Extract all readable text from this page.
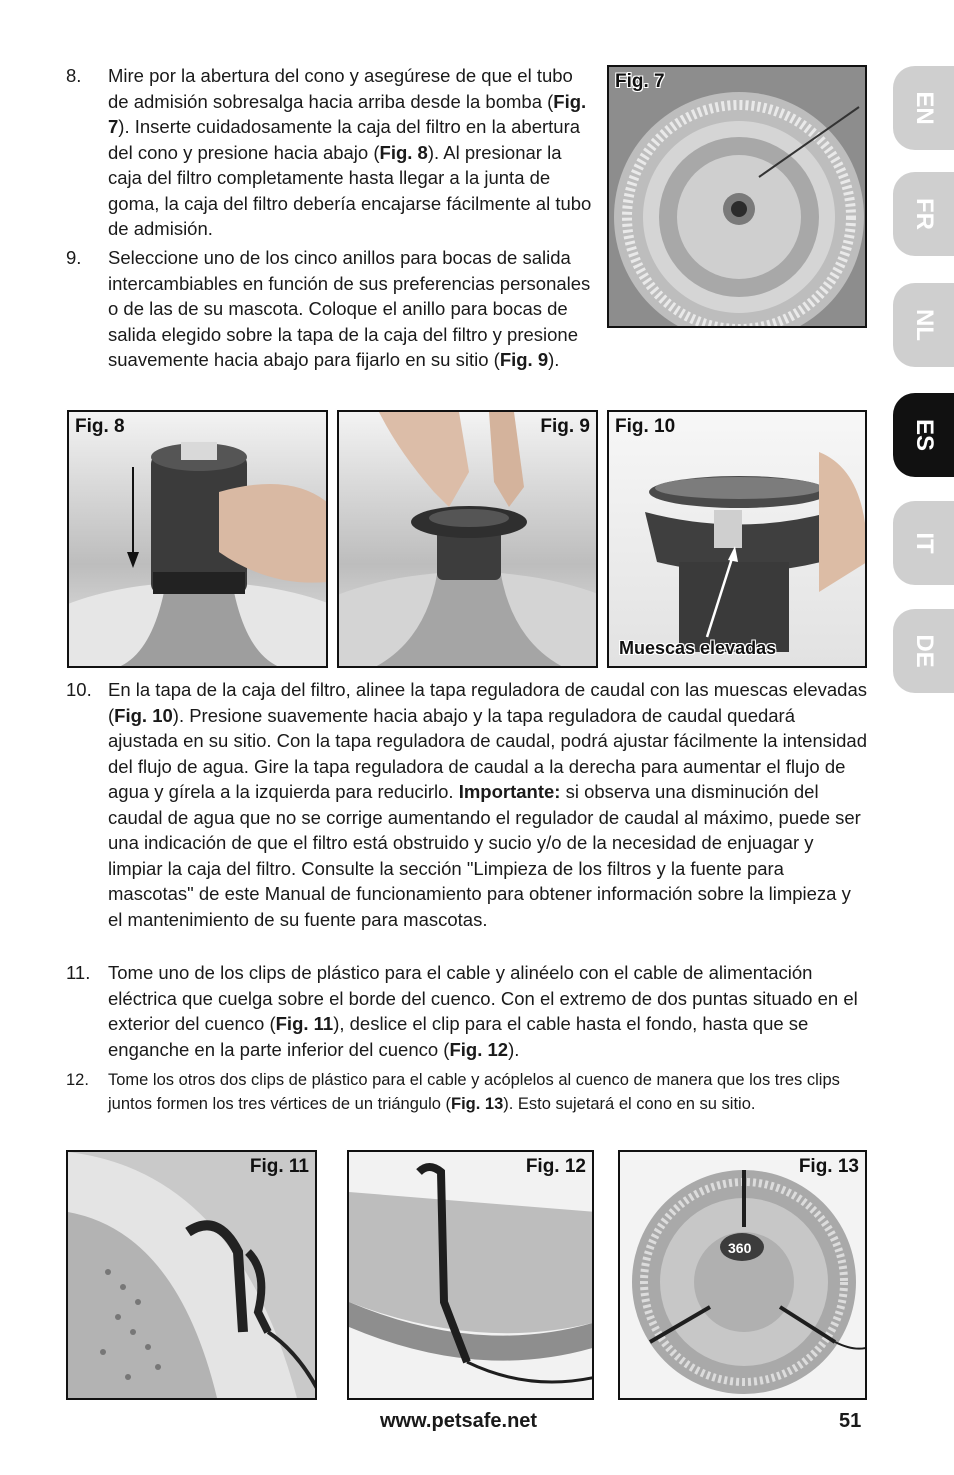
8. Mire por la abertura del cono y asegúrese de que el tubo de admisión sobresalga hacia arriba desde la bomba (Fig. 7). Inserte cuidadosamente la caja del filtro en la abertura del cono y presione hacia abajo (Fig. 8). Al presionar la caja del filtro completamente hasta llegar a la junta de goma, la caja del filtro debería encajarse fácilmente al tubo de admisión.
9. Seleccione uno de los cinco anillos para bocas de salida intercambiables en función de sus preferencias personales o de las de su mascota. Coloque el anillo para bocas de salida elegido sobre la tapa de la caja del filtro y presione suavemente hacia abajo para fijarlo en su sitio (Fig. 9).
Fig. 7
Fig. 8	Fig. 9 Fig. 10
Muescas elevadas
10. En la tapa de la caja del filtro, alinee la tapa reguladora de caudal con las muescas elevadas (Fig. 10). Presione suavemente hacia abajo y la tapa reguladora de caudal quedará ajustada en su sitio. Con la tapa reguladora de caudal, podrá ajustar fácilmente la intensidad del flujo de agua. Gire la tapa reguladora de caudal a la derecha para aumentar el flujo de agua y gírela a la izquierda para reducirlo. Importante: si observa una disminución del caudal de agua que no se corrige aumentando el regulador de caudal al máximo, puede ser una indicación de que el filtro está obstruido y sucio y/o de la necesidad de enjuagar y limpiar la caja del filtro. Consulte la sección "Limpieza de los filtros y la fuente para mascotas" de este Manual de funcionamiento para obtener información sobre la limpieza y el mantenimiento de su fuente para mascotas.
11. Tome uno de los clips de plástico para el cable y alinéelo con el cable de alimentación eléctrica que cuelga sobre el borde del cuenco. Con el extremo de dos puntas situado en el exterior del cuenco (Fig. 11), deslice el clip para el cable hasta el fondo, hasta que se enganche en la parte inferior del cuenco (Fig. 12).
12. Tome los otros dos clips de plástico para el cable y acóplelos al cuenco de manera que los tres clips juntos formen los tres vértices de un triángulo (Fig. 13). Esto sujetará el cono en su sitio.
Fig. 11	Fig. 12
360
Fig. 13
EN
FR
NL
ES
IT
DE
www.petsafe.net	51
